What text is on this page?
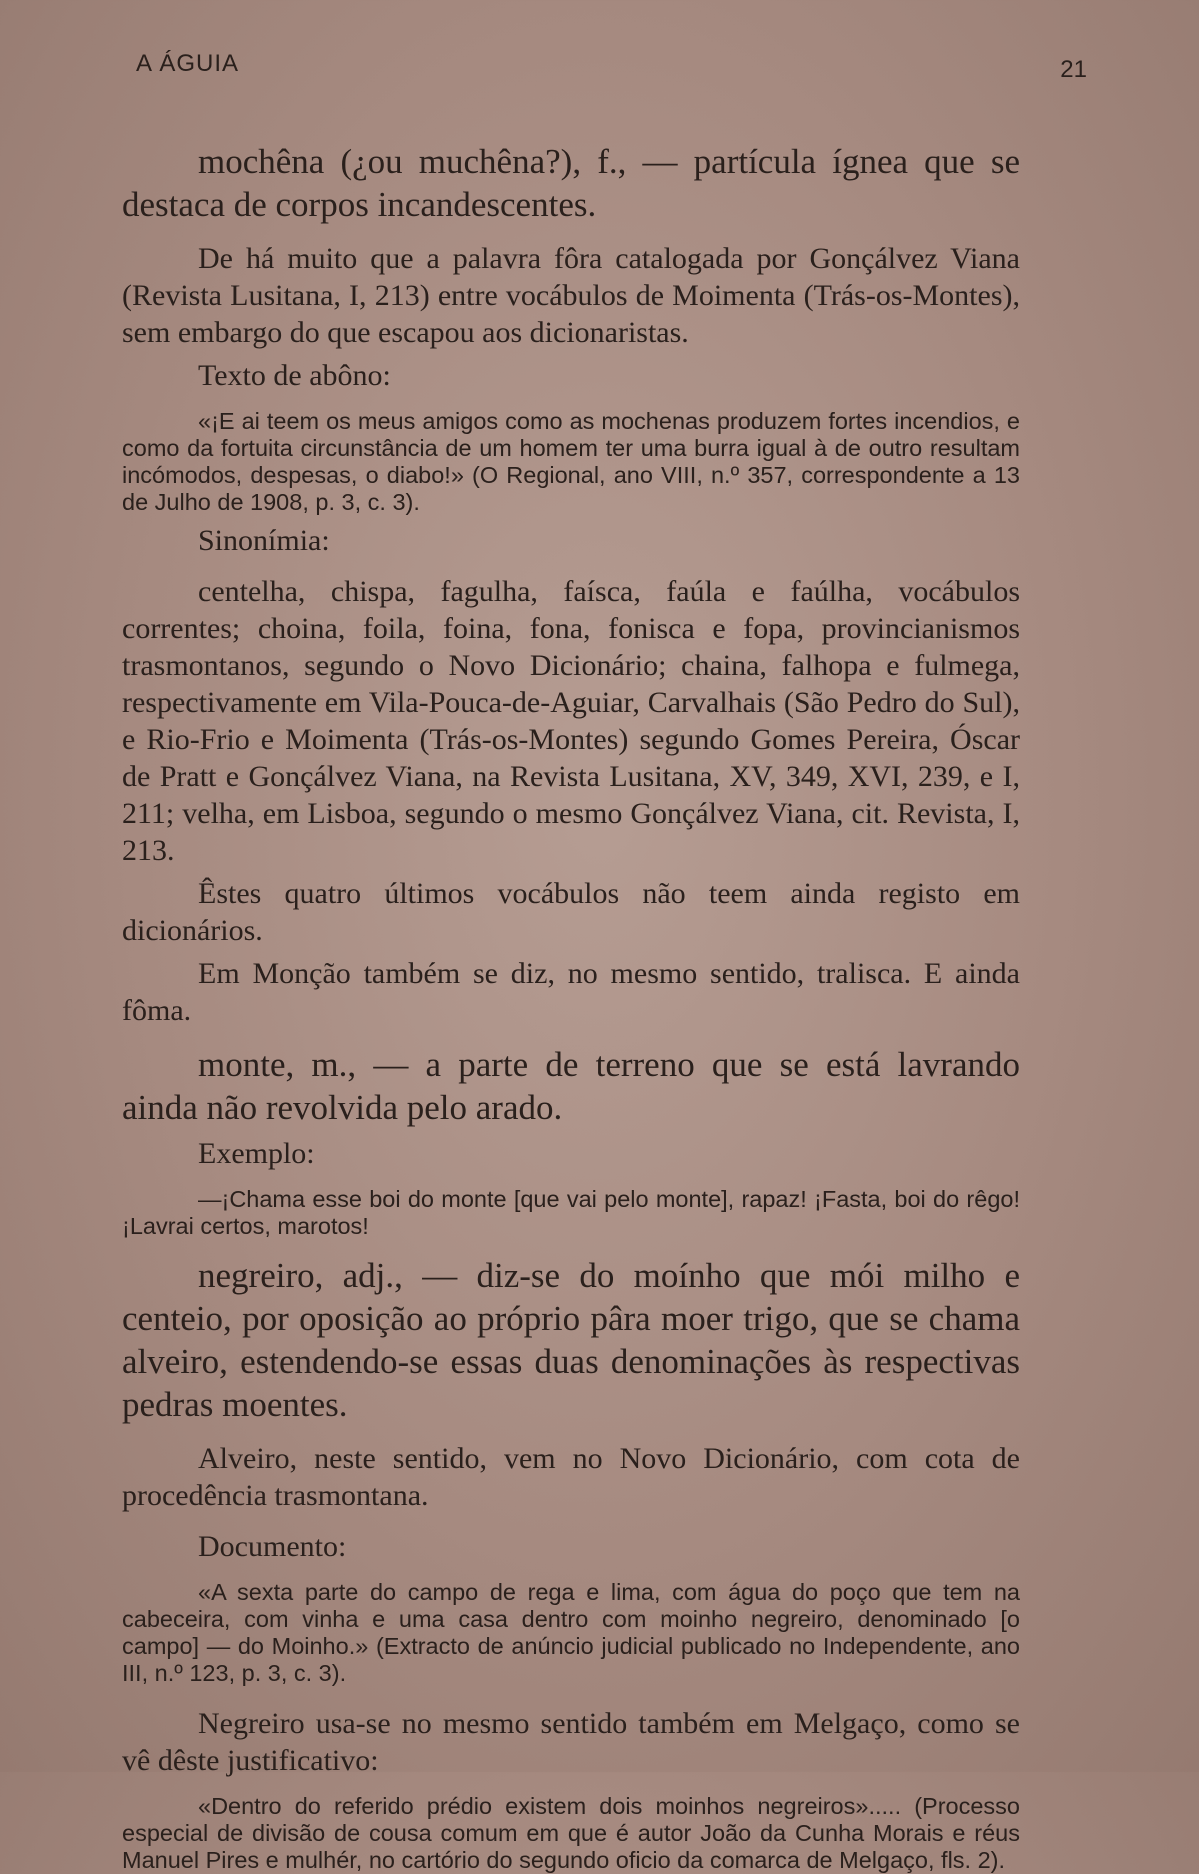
A ÁGUIA	21

mochêna (¿ou muchêna?), f., — partícula ígnea que se destaca de corpos incandescentes.

De há muito que a palavra fôra catalogada por Gonçálvez Viana (Revista Lusitana, I, 213) entre vocábulos de Moimenta (Trás-os-Montes), sem embargo do que escapou aos dicionaristas.

Texto de abôno:

«¡E ai teem os meus amigos como as mochenas produzem fortes incendios, e como da fortuita circunstância de um homem ter uma burra igual à de outro resultam incómodos, despesas, o diabo!» (O Regional, ano VIII, n.º 357, correspondente a 13 de Julho de 1908, p. 3, c. 3).

Sinonímia:

centelha, chispa, fagulha, faísca, faúla e faúlha, vocábulos correntes; choina, foila, foina, fona, fonisca e fopa, provincianismos trasmontanos, segundo o Novo Dicionário; chaina, falhopa e fulmega, respectivamente em Vila-Pouca-de-Aguiar, Carvalhais (São Pedro do Sul), e Rio-Frio e Moimenta (Trás-os-Montes) segundo Gomes Pereira, Óscar de Pratt e Gonçálvez Viana, na Revista Lusitana, XV, 349, XVI, 239, e I, 211; velha, em Lisboa, segundo o mesmo Gonçálvez Viana, cit. Revista, I, 213.

Êstes quatro últimos vocábulos não teem ainda registo em dicionários.

Em Monção também se diz, no mesmo sentido, tralisca. E ainda fôma.

monte, m., — a parte de terreno que se está lavrando ainda não revolvida pelo arado.

Exemplo:

—¡Chama esse boi do monte [que vai pelo monte], rapaz! ¡Fasta, boi do rêgo! ¡Lavrai certos, marotos!

negreiro, adj., — diz-se do moínho que mói milho e centeio, por oposição ao próprio pâra moer trigo, que se chama alveiro, estendendo-se essas duas denominações às respectivas pedras moentes.

Alveiro, neste sentido, vem no Novo Dicionário, com cota de procedência trasmontana.

Documento:

«A sexta parte do campo de rega e lima, com água do poço que tem na cabeceira, com vinha e uma casa dentro com moinho negreiro, denominado [o campo] — do Moinho.» (Extracto de anúncio judicial publicado no Independente, ano III, n.º 123, p. 3, c. 3).

Negreiro usa-se no mesmo sentido também em Melgaço, como se vê dêste justificativo:

«Dentro do referido prédio existem dois moinhos negreiros»..... (Processo especial de divisão de cousa comum em que é autor João da Cunha Morais e réus Manuel Pires e mulhér, no cartório do segundo oficio da comarca de Melgaço, fls. 2).
